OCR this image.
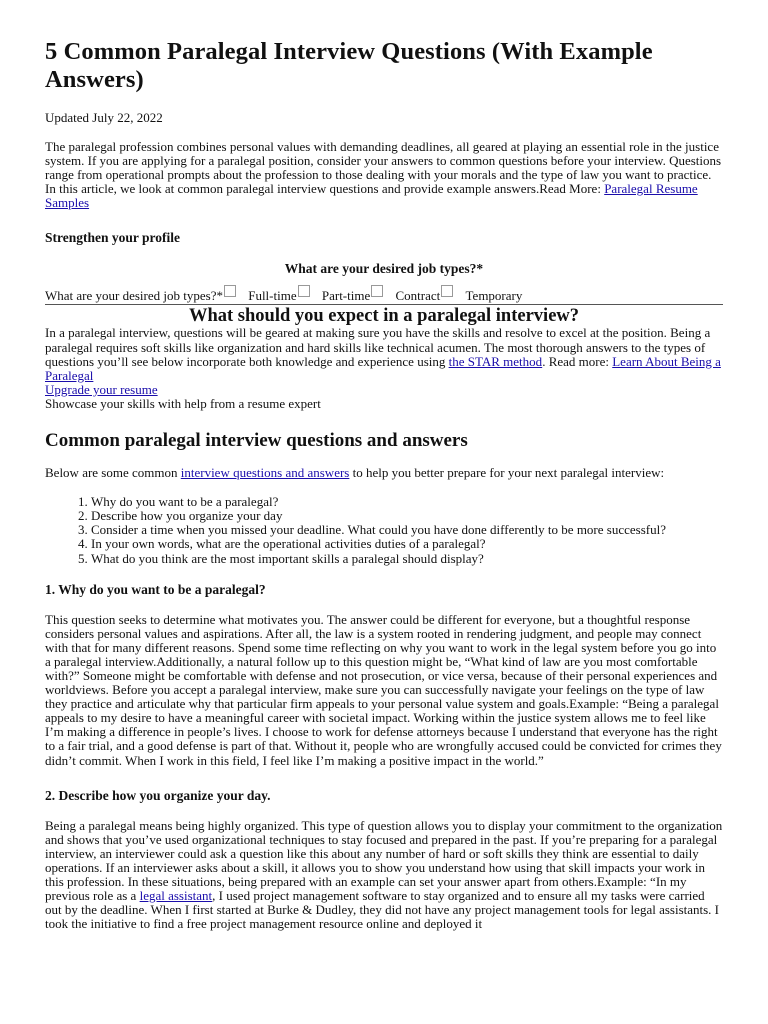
5 Common Paralegal Interview Questions (With Example Answers)
Updated July 22, 2022

The paralegal profession combines personal values with demanding deadlines, all geared at playing an essential role in the justice system. If you are applying for a paralegal position, consider your answers to common questions before your interview. Questions range from operational prompts about the profession to those dealing with your morals and the type of law you want to practice. In this article, we look at common paralegal interview questions and provide example answers.Read More: Paralegal Resume Samples

Strengthen your profile
What are your desired job types?*
What are your desired job types?* Full-time Part-time Contract Temporary
What should you expect in a paralegal interview?

In a paralegal interview, questions will be geared at making sure you have the skills and resolve to excel at the position. Being a paralegal requires soft skills like organization and hard skills like technical acumen. The most thorough answers to the types of questions you’ll see below incorporate both knowledge and experience using the STAR method. Read more: Learn About Being a Paralegal

Upgrade your resume

Showcase your skills with help from a resume expert

Common paralegal interview questions and answers

Below are some common interview questions and answers to help you better prepare for your next paralegal interview:

1. Why do you want to be a paralegal?
2. Describe how you organize your day
3. Consider a time when you missed your deadline. What could you have done differently to be more successful?
4. In your own words, what are the operational activities duties of a paralegal?
5. What do you think are the most important skills a paralegal should display?
1. Why do you want to be a paralegal?

This question seeks to determine what motivates you. The answer could be different for everyone, but a thoughtful response considers personal values and aspirations. After all, the law is a system rooted in rendering judgment, and people may connect with that for many different reasons. Spend some time reflecting on why you want to work in the legal system before you go into a paralegal interview.Additionally, a natural follow up to this question might be, “What kind of law are you most comfortable with?” Someone might be comfortable with defense and not prosecution, or vice versa, because of their personal experiences and worldviews. Before you accept a paralegal interview, make sure you can successfully navigate your feelings on the type of law they practice and articulate why that particular firm appeals to your personal value system and goals.Example: “Being a paralegal appeals to my desire to have a meaningful career with societal impact. Working within the justice system allows me to feel like I’m making a difference in people’s lives. I choose to work for defense attorneys because I understand that everyone has the right to a fair trial, and a good defense is part of that. Without it, people who are wrongfully accused could be convicted for crimes they didn’t commit. When I work in this field, I feel like I’m making a positive impact in the world.”

2. Describe how you organize your day.

Being a paralegal means being highly organized. This type of question allows you to display your commitment to the organization and shows that you’ve used organizational techniques to stay focused and prepared in the past. If you’re preparing for a paralegal interview, an interviewer could ask a question like this about any number of hard or soft skills they think are essential to daily operations. If an interviewer asks about a skill, it allows you to show you understand how using that skill impacts your work in this profession. In these situations, being prepared with an example can set your answer apart from others.Example: “In my previous role as a legal assistant, I used project management software to stay organized and to ensure all my tasks were carried out by the deadline. When I first started at Burke & Dudley, they did not have any project management tools for legal assistants. I took the initiative to find a free project management resource online and deployed it
